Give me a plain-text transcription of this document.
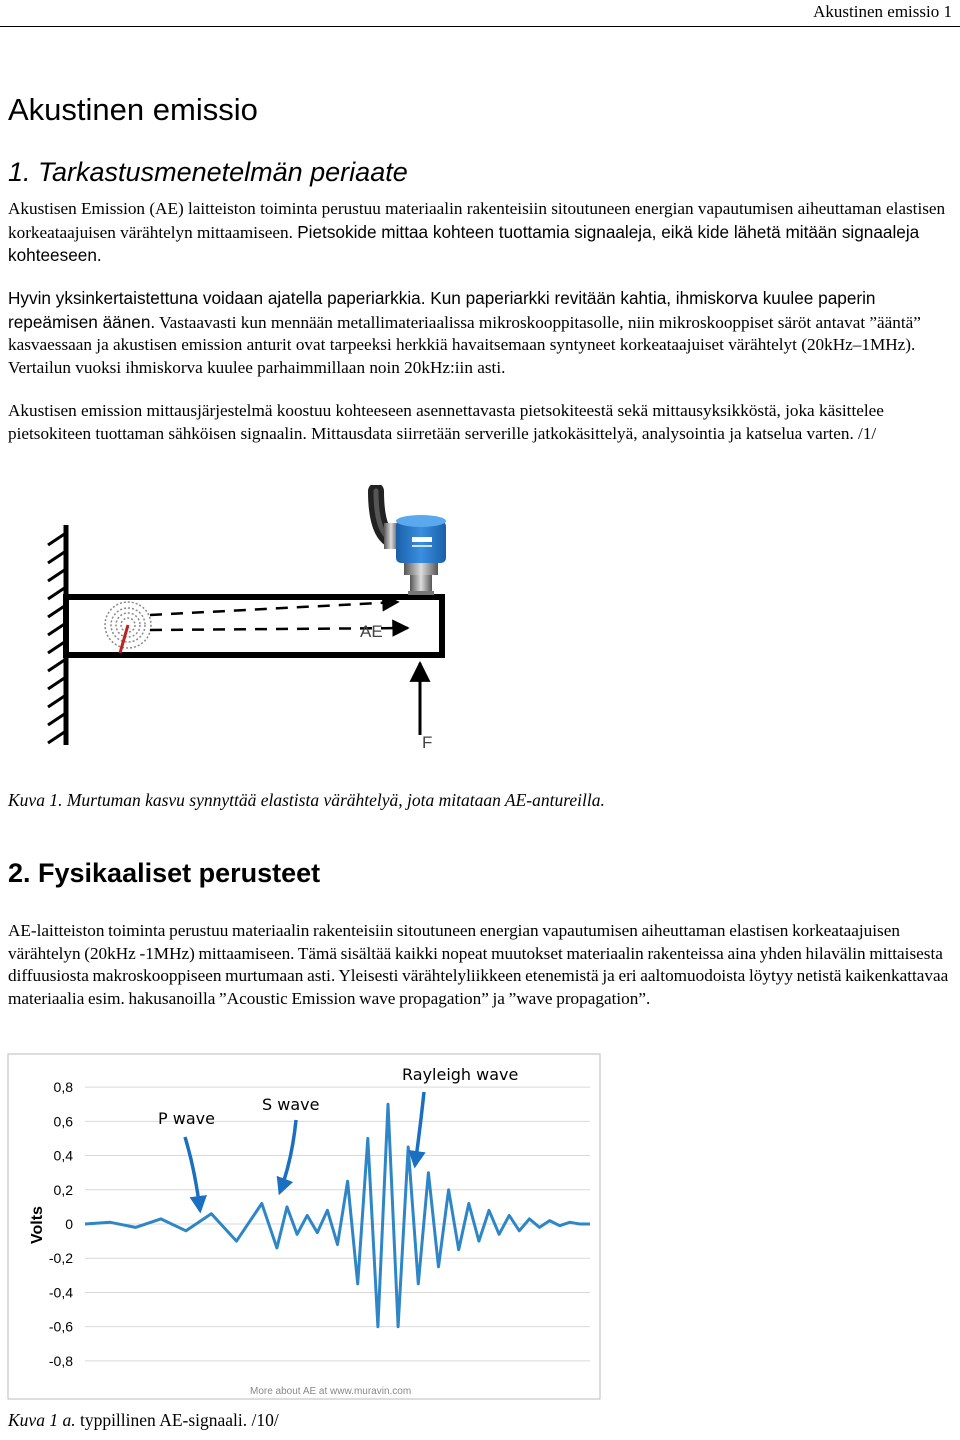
Akustinen emissio 1
Akustinen emissio
1. Tarkastusmenetelmän periaate

Akustisen Emission (AE) laitteiston toiminta perustuu materiaalin rakenteisiin sitoutuneen energian vapautumisen aiheuttaman elastisen korkeataajuisen värähtelyn mittaamiseen. Pietsokide mittaa kohteen tuottamia signaaleja, eikä kide lähetä mitään signaaleja kohteeseen.

Hyvin yksinkertaistettuna voidaan ajatella paperiarkkia. Kun paperiarkki revitään kahtia, ihmiskorva kuulee paperin repeämisen äänen. Vastaavasti kun mennään metallimateriaalissa mikroskooppitasolle, niin mikroskooppiset säröt antavat ”ääntä” kasvaessaan ja akustisen emission anturit ovat tarpeeksi herkkiä havaitsemaan syntyneet korkeataajuiset värähtelyt (20kHz–1MHz). Vertailun vuoksi ihmiskorva kuulee parhaimmillaan noin 20kHz:iin asti.

Akustisen emission mittausjärjestelmä koostuu kohteeseen asennettavasta pietsokiteestä sekä mittausyksikköstä, joka käsittelee pietsokiteen tuottaman sähköisen signaalin. Mittausdata siirretään serverille jatkokäsittelyä, analysointia ja katselua varten. /1/

AE
F

Kuva 1. Murtuman kasvu synnyttää elastista värähtelyä, jota mitataan AE-antureilla.

2. Fysikaaliset perusteet

AE-laitteiston toiminta perustuu materiaalin rakenteisiin sitoutuneen energian vapautumisen aiheuttaman elastisen korkeataajuisen värähtelyn (20kHz -1MHz) mittaamiseen. Tämä sisältää kaikki nopeat muutokset materiaalin rakenteissa aina yhden hilavälin mittaisesta diffuusiosta makroskooppiseen murtumaan asti. Yleisesti värähtelyliikkeen etenemistä ja eri aaltomuodoista löytyy netistä kaikenkattavaa materiaalia esim. hakusanoilla ”Acoustic Emission wave propagation” ja ”wave propagation”.

0,8
0,6
0,4
0,2
0
-0,2
-0,4
-0,6
-0,8
Volts
P wave
S wave
Rayleigh wave
More about AE at www.muravin.com

Kuva 1 a. typpillinen AE-signaali. /10/
